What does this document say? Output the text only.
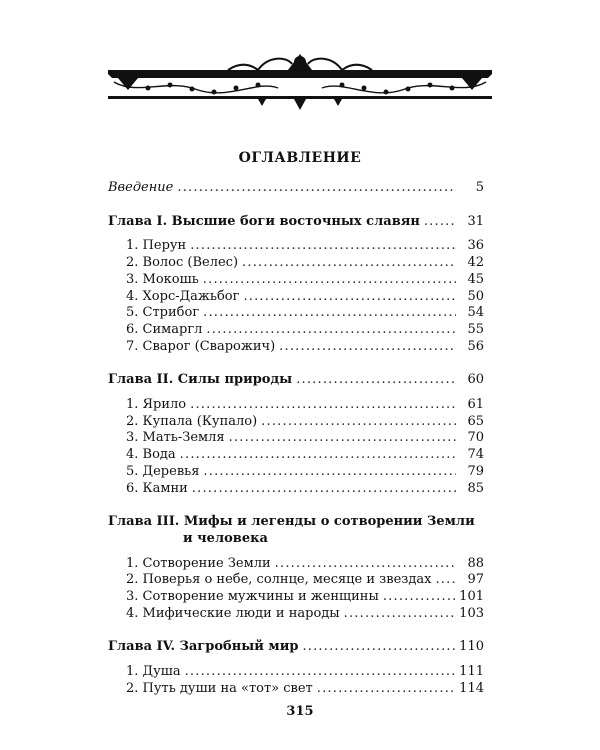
ОГЛАВЛЕНИЕ
Введение .....	5
Глава I. Высшие боги восточных славян .....	31
1. Перун .....	36
2. Волос (Велес) .....	42
3. Мокошь .....	45
4. Хорс-Дажьбог .....	50
5. Стрибог .....	54
6. Симаргл .....	55
7. Сварог (Сварожич) .....	56
Глава II. Силы природы .....	60
1. Ярило .....	61
2. Купала (Купало) .....	65
3. Мать-Земля .....	70
4. Вода .....	74
5. Деревья .....	79
6. Камни .....	85
Глава III. Мифы и легенды о сотворении Земли
и человека
1. Сотворение Земли .....	88
2. Поверья о небе, солнце, месяце и звездах .....	97
3. Сотворение мужчины и женщины .....	101
4. Мифические люди и народы .....	103
Глава IV. Загробный мир .....	110
1. Душа .....	111
2. Путь души на «тот» свет .....	114
315
